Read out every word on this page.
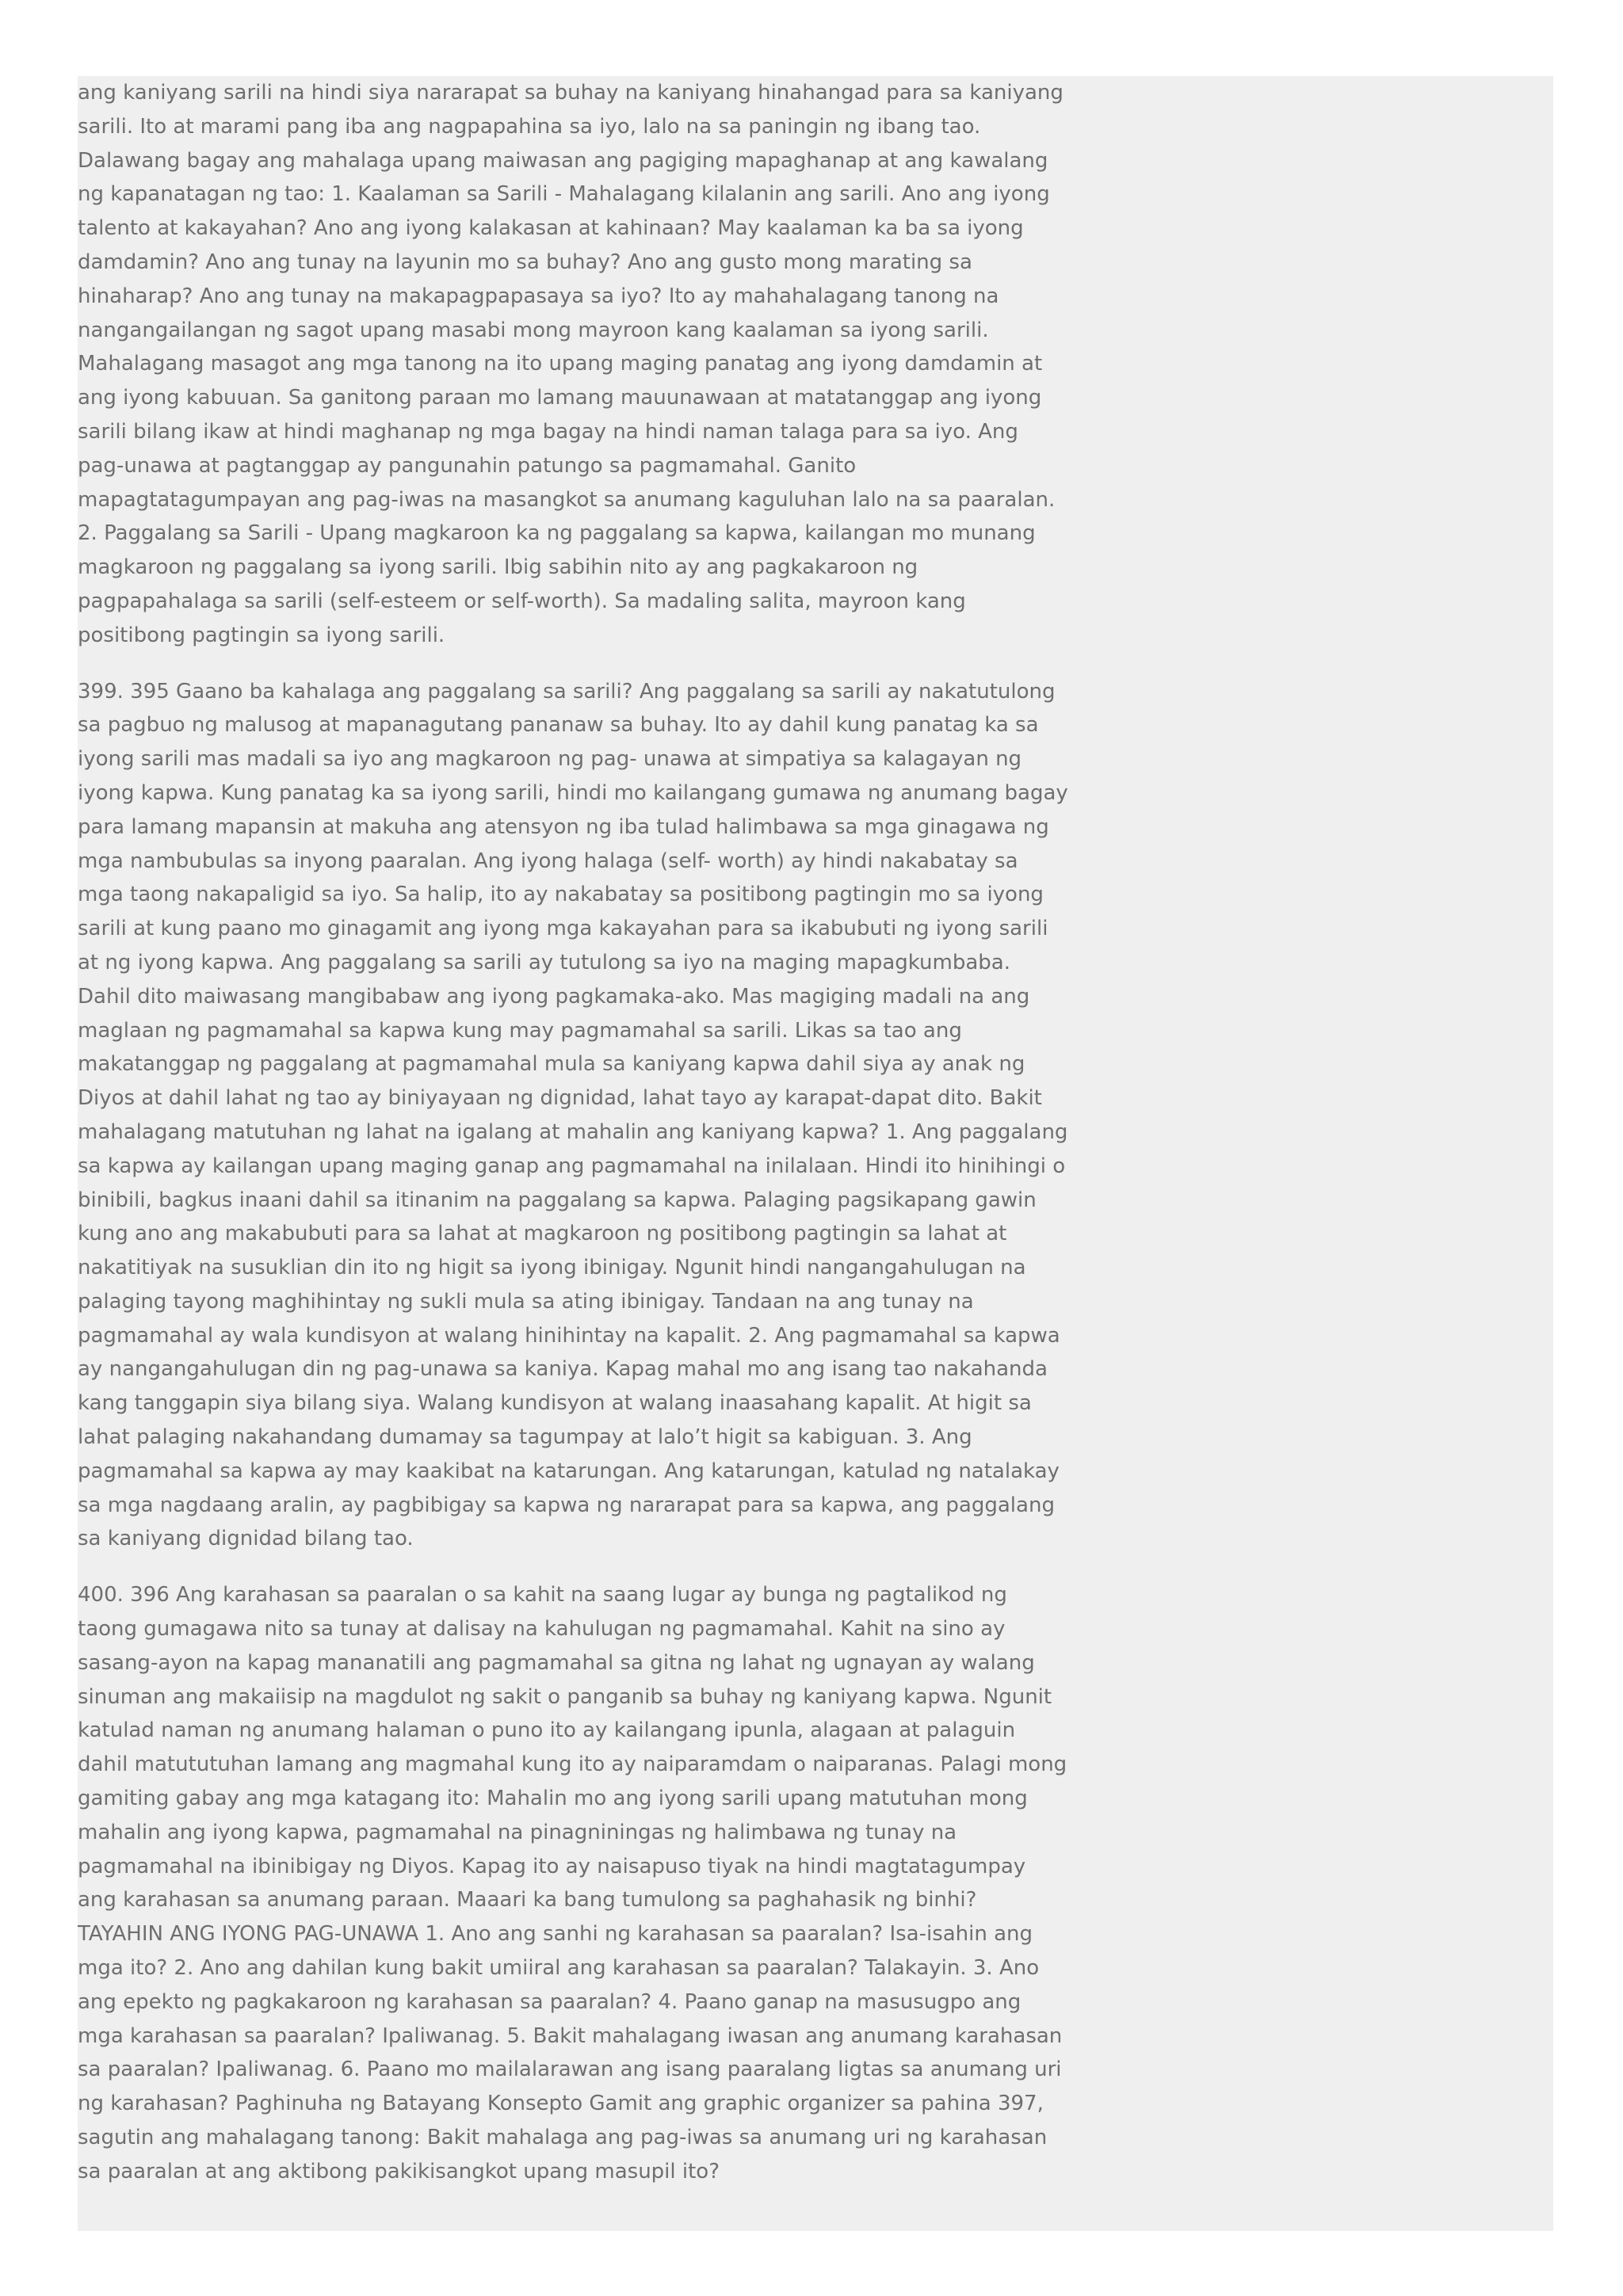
ang kaniyang sarili na hindi siya nararapat sa buhay na kaniyang hinahangad para sa kaniyang sarili. Ito at marami pang iba ang nagpapahina sa iyo, lalo na sa paningin ng ibang tao. Dalawang bagay ang mahalaga upang maiwasan ang pagiging mapaghanap at ang kawalang ng kapanatagan ng tao: 1. Kaalaman sa Sarili - Mahalagang kilalanin ang sarili. Ano ang iyong talento at kakayahan? Ano ang iyong kalakasan at kahinaan? May kaalaman ka ba sa iyong damdamin? Ano ang tunay na layunin mo sa buhay? Ano ang gusto mong marating sa hinaharap? Ano ang tunay na makapagpapasaya sa iyo? Ito ay mahahalagang tanong na nangangailangan ng sagot upang masabi mong mayroon kang kaalaman sa iyong sarili. Mahalagang masagot ang mga tanong na ito upang maging panatag ang iyong damdamin at ang iyong kabuuan. Sa ganitong paraan mo lamang mauunawaan at matatanggap ang iyong sarili bilang ikaw at hindi maghanap ng mga bagay na hindi naman talaga para sa iyo. Ang pag-unawa at pagtanggap ay pangunahin patungo sa pagmamahal. Ganito mapagtatagumpayan ang pag-iwas na masangkot sa anumang kaguluhan lalo na sa paaralan. 2. Paggalang sa Sarili - Upang magkaroon ka ng paggalang sa kapwa, kailangan mo munang magkaroon ng paggalang sa iyong sarili. Ibig sabihin nito ay ang pagkakaroon ng pagpapahalaga sa sarili (self-esteem or self-worth). Sa madaling salita, mayroon kang positibong pagtingin sa iyong sarili.

399. 395 Gaano ba kahalaga ang paggalang sa sarili? Ang paggalang sa sarili ay nakatutulong sa pagbuo ng malusog at mapanagutang pananaw sa buhay. Ito ay dahil kung panatag ka sa iyong sarili mas madali sa iyo ang magkaroon ng pag- unawa at simpatiya sa kalagayan ng iyong kapwa. Kung panatag ka sa iyong sarili, hindi mo kailangang gumawa ng anumang bagay para lamang mapansin at makuha ang atensyon ng iba tulad halimbawa sa mga ginagawa ng mga nambubulas sa inyong paaralan. Ang iyong halaga (self- worth) ay hindi nakabatay sa mga taong nakapaligid sa iyo. Sa halip, ito ay nakabatay sa positibong pagtingin mo sa iyong sarili at kung paano mo ginagamit ang iyong mga kakayahan para sa ikabubuti ng iyong sarili at ng iyong kapwa. Ang paggalang sa sarili ay tutulong sa iyo na maging mapagkumbaba. Dahil dito maiwasang mangibabaw ang iyong pagkamaka-ako. Mas magiging madali na ang maglaan ng pagmamahal sa kapwa kung may pagmamahal sa sarili. Likas sa tao ang makatanggap ng paggalang at pagmamahal mula sa kaniyang kapwa dahil siya ay anak ng Diyos at dahil lahat ng tao ay biniyayaan ng dignidad, lahat tayo ay karapat-dapat dito. Bakit mahalagang matutuhan ng lahat na igalang at mahalin ang kaniyang kapwa? 1. Ang paggalang sa kapwa ay kailangan upang maging ganap ang pagmamahal na inilalaan. Hindi ito hinihingi o binibili, bagkus inaani dahil sa itinanim na paggalang sa kapwa. Palaging pagsikapang gawin kung ano ang makabubuti para sa lahat at magkaroon ng positibong pagtingin sa lahat at nakatitiyak na susuklian din ito ng higit sa iyong ibinigay. Ngunit hindi nangangahulugan na palaging tayong maghihintay ng sukli mula sa ating ibinigay. Tandaan na ang tunay na pagmamahal ay wala kundisyon at walang hinihintay na kapalit. 2. Ang pagmamahal sa kapwa ay nangangahulugan din ng pag-unawa sa kaniya. Kapag mahal mo ang isang tao nakahanda kang tanggapin siya bilang siya. Walang kundisyon at walang inaasahang kapalit. At higit sa lahat palaging nakahandang dumamay sa tagumpay at lalo’t higit sa kabiguan. 3. Ang pagmamahal sa kapwa ay may kaakibat na katarungan. Ang katarungan, katulad ng natalakay sa mga nagdaang aralin, ay pagbibigay sa kapwa ng nararapat para sa kapwa, ang paggalang sa kaniyang dignidad bilang tao.

400. 396 Ang karahasan sa paaralan o sa kahit na saang lugar ay bunga ng pagtalikod ng taong gumagawa nito sa tunay at dalisay na kahulugan ng pagmamahal. Kahit na sino ay sasang-ayon na kapag mananatili ang pagmamahal sa gitna ng lahat ng ugnayan ay walang sinuman ang makaiisip na magdulot ng sakit o panganib sa buhay ng kaniyang kapwa. Ngunit katulad naman ng anumang halaman o puno ito ay kailangang ipunla, alagaan at palaguin dahil matututuhan lamang ang magmahal kung ito ay naiparamdam o naiparanas. Palagi mong gamiting gabay ang mga katagang ito: Mahalin mo ang iyong sarili upang matutuhan mong mahalin ang iyong kapwa, pagmamahal na pinagniningas ng halimbawa ng tunay na pagmamahal na ibinibigay ng Diyos. Kapag ito ay naisapuso tiyak na hindi magtatagumpay ang karahasan sa anumang paraan. Maaari ka bang tumulong sa paghahasik ng binhi? TAYAHIN ANG IYONG PAG-UNAWA 1. Ano ang sanhi ng karahasan sa paaralan? Isa-isahin ang mga ito? 2. Ano ang dahilan kung bakit umiiral ang karahasan sa paaralan? Talakayin. 3. Ano ang epekto ng pagkakaroon ng karahasan sa paaralan? 4. Paano ganap na masusugpo ang mga karahasan sa paaralan? Ipaliwanag. 5. Bakit mahalagang iwasan ang anumang karahasan sa paaralan? Ipaliwanag. 6. Paano mo mailalarawan ang isang paaralang ligtas sa anumang uri ng karahasan? Paghinuha ng Batayang Konsepto Gamit ang graphic organizer sa pahina 397, sagutin ang mahalagang tanong: Bakit mahalaga ang pag-iwas sa anumang uri ng karahasan sa paaralan at ang aktibong pakikisangkot upang masupil ito?
